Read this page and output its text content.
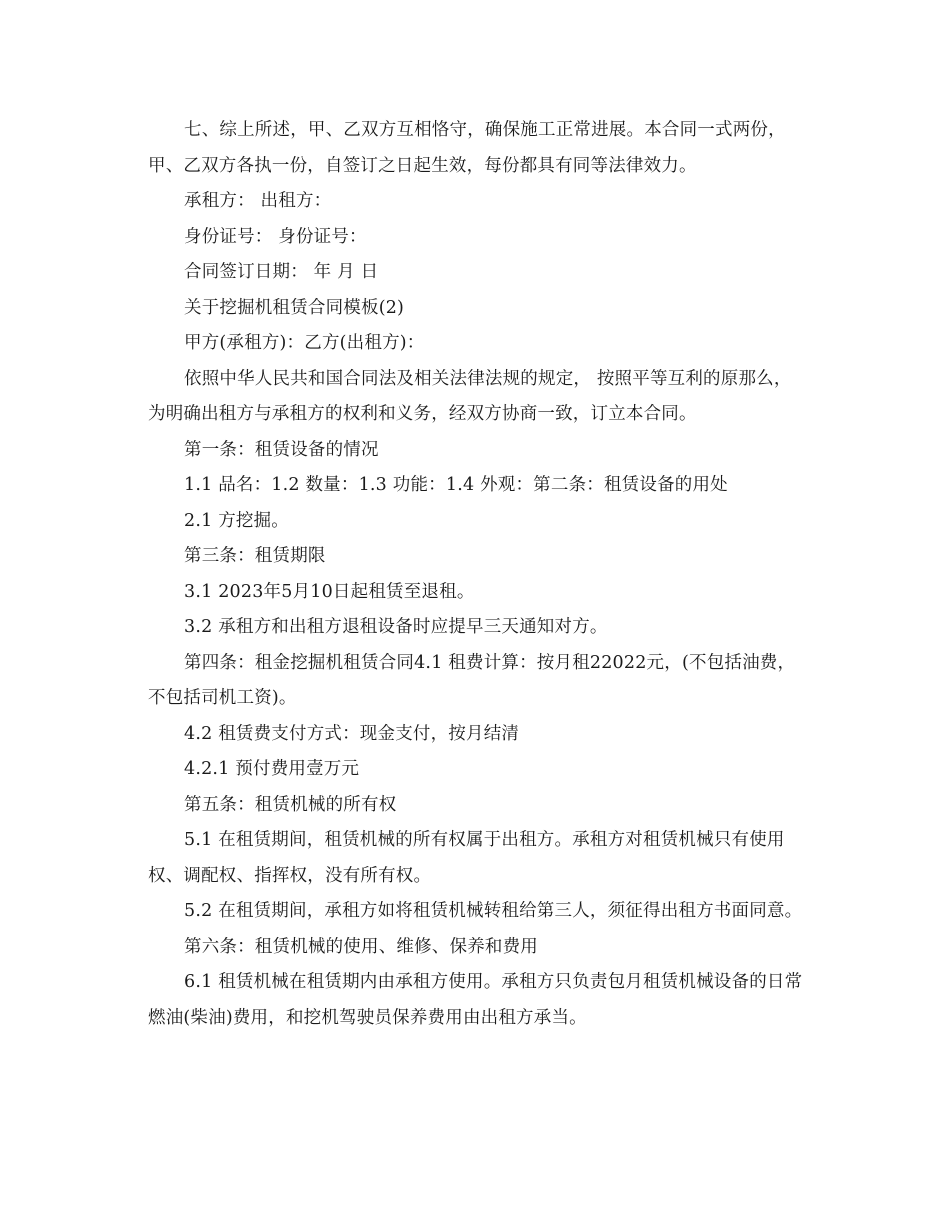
七、综上所述，甲、乙双方互相恪守，确保施工正常进展。本合同一式两份，甲、乙双方各执一份，自签订之日起生效，每份都具有同等法律效力。

承租方： 出租方：

身份证号： 身份证号：

合同签订日期： 年 月 日

关于挖掘机租赁合同模板(2)

甲方(承租方)：乙方(出租方)：

依照中华人民共和国合同法及相关法律法规的规定， 按照平等互利的原那么，为明确出租方与承租方的权利和义务，经双方协商一致，订立本合同。

第一条：租赁设备的情况

1.1 品名：1.2 数量：1.3 功能：1.4 外观：第二条：租赁设备的用处

2.1 方挖掘。

第三条：租赁期限

3.1 2023年5月10日起租赁至退租。

3.2 承租方和出租方退租设备时应提早三天通知对方。

第四条：租金挖掘机租赁合同4.1 租费计算：按月租22022元，(不包括油费，不包括司机工资)。

4.2 租赁费支付方式：现金支付，按月结清

4.2.1 预付费用壹万元

第五条：租赁机械的所有权

5.1 在租赁期间，租赁机械的所有权属于出租方。承租方对租赁机械只有使用权、调配权、指挥权，没有所有权。

5.2 在租赁期间，承租方如将租赁机械转租给第三人，须征得出租方书面同意。

第六条：租赁机械的使用、维修、保养和费用

6.1 租赁机械在租赁期内由承租方使用。承租方只负责包月租赁机械设备的日常燃油(柴油)费用，和挖机驾驶员保养费用由出租方承当。
